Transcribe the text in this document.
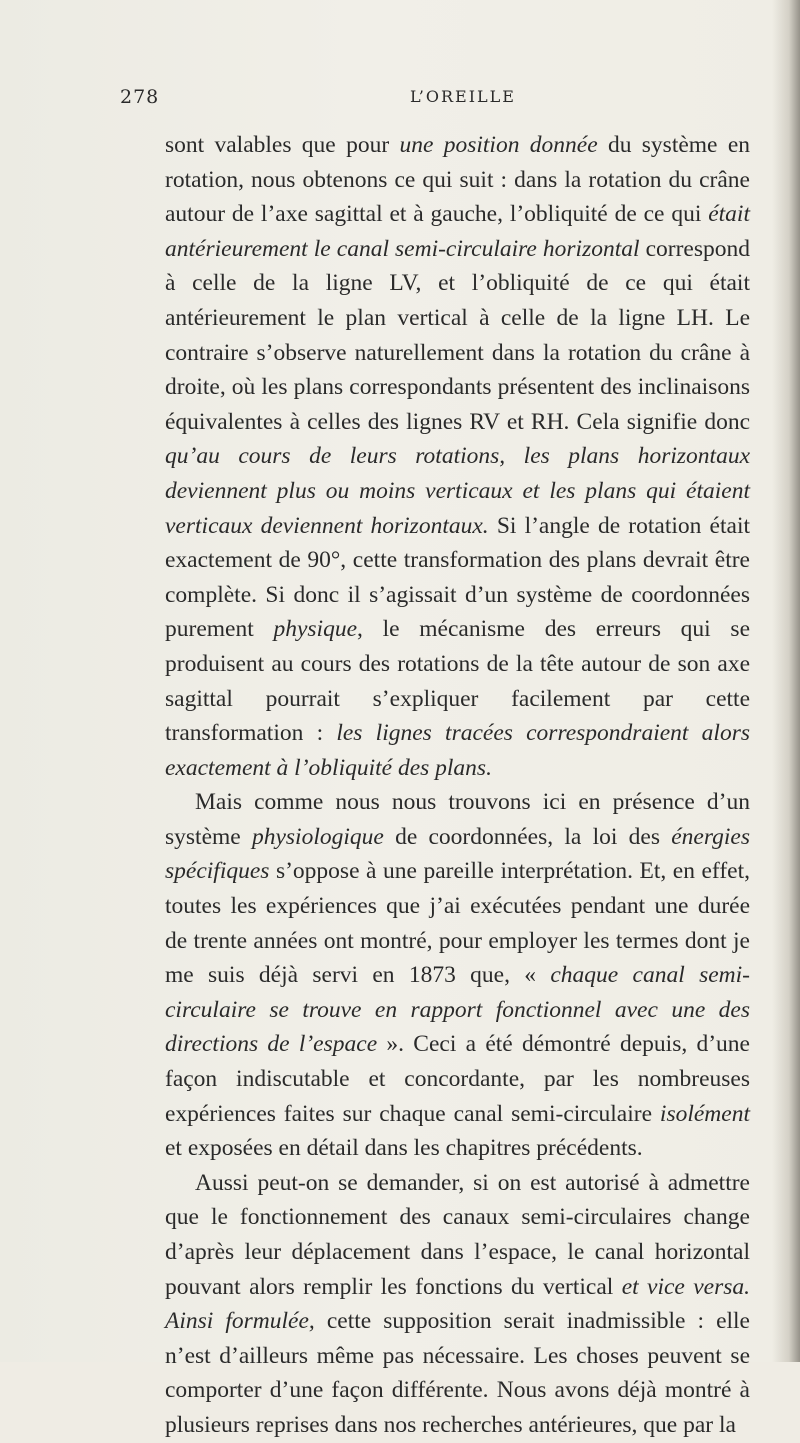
278	L’OREILLE

sont valables que pour une position donnée du système en rotation, nous obtenons ce qui suit : dans la rotation du crâne autour de l’axe sagittal et à gauche, l’obliquité de ce qui était antérieurement le canal semi-circulaire horizontal correspond à celle de la ligne LV, et l’obliquité de ce qui était antérieurement le plan vertical à celle de la ligne LH. Le contraire s’observe naturellement dans la rotation du crâne à droite, où les plans correspondants présentent des inclinaisons équivalentes à celles des lignes RV et RH. Cela signifie donc qu’au cours de leurs rotations, les plans horizontaux deviennent plus ou moins verticaux et les plans qui étaient verticaux deviennent horizontaux. Si l’angle de rotation était exactement de 90°, cette transformation des plans devrait être complète. Si donc il s’agissait d’un système de coordonnées purement physique, le mécanisme des erreurs qui se produisent au cours des rotations de la tête autour de son axe sagittal pourrait s’expliquer facilement par cette transformation : les lignes tracées correspondraient alors exactement à l’obliquité des plans.

Mais comme nous nous trouvons ici en présence d’un système physiologique de coordonnées, la loi des énergies spécifiques s’oppose à une pareille interprétation. Et, en effet, toutes les expériences que j’ai exécutées pendant une durée de trente années ont montré, pour employer les termes dont je me suis déjà servi en 1873 que, « chaque canal semi-circulaire se trouve en rapport fonctionnel avec une des directions de l’espace ». Ceci a été démontré depuis, d’une façon indiscutable et concordante, par les nombreuses expériences faites sur chaque canal semi-circulaire isolément et exposées en détail dans les chapitres précédents.

Aussi peut-on se demander, si on est autorisé à admettre que le fonctionnement des canaux semi-circulaires change d’après leur déplacement dans l’espace, le canal horizontal pouvant alors remplir les fonctions du vertical et vice versa. Ainsi formulée, cette supposition serait inadmissible : elle n’est d’ailleurs même pas nécessaire. Les choses peuvent se comporter d’une façon différente. Nous avons déjà montré à plusieurs reprises dans nos recherches antérieures, que par la
